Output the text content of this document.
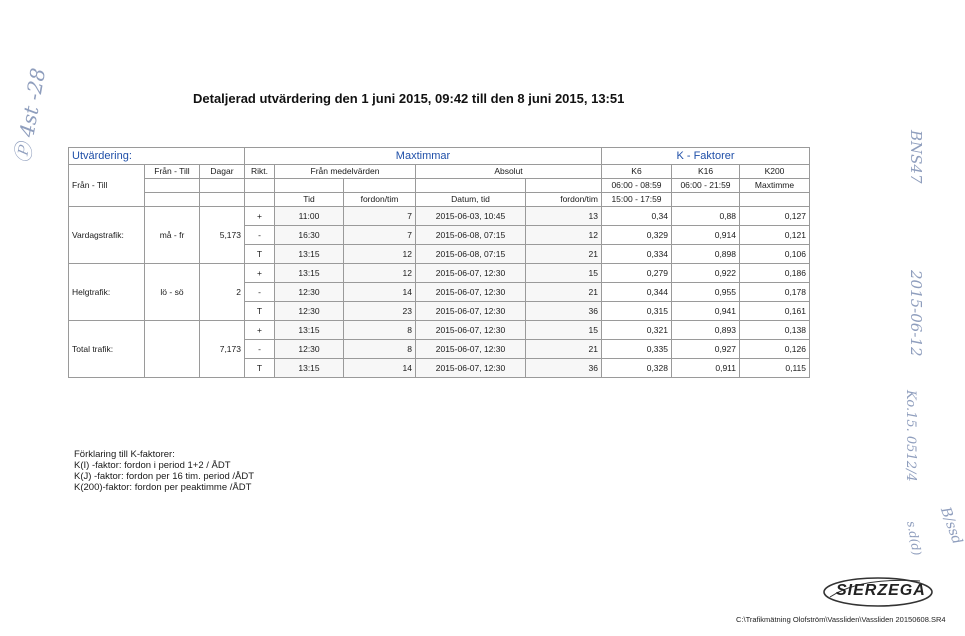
Detaljerad utvärdering den 1 juni 2015, 09:42 till den 8 juni 2015, 13:51
Utvärdering:			Maxtimmar					K - Faktorer		
Från - Till	Från - Till	Dagar	Rikt.	Från medelvärden		Absolut		K6	K16	K200
								06:00 - 08:59	06:00 - 21:59	Maxtimme
				Tid	fordon/tim	Datum, tid	fordon/tim	15:00 - 17:59		
Vardagstrafik:	må - fr	5,173	+	11:00	7	2015-06-03, 10:45	13	0,34	0,88	0,127
			-	16:30	7	2015-06-08, 07:15	12	0,329	0,914	0,121
			T	13:15	12	2015-06-08, 07:15	21	0,334	0,898	0,106
Helgtrafik:	lö - sö	2	+	13:15	12	2015-06-07, 12:30	15	0,279	0,922	0,186
			-	12:30	14	2015-06-07, 12:30	21	0,344	0,955	0,178
			T	12:30	23	2015-06-07, 12:30	36	0,315	0,941	0,161
Total trafik:		7,173	+	13:15	8	2015-06-07, 12:30	15	0,321	0,893	0,138
			-	12:30	8	2015-06-07, 12:30	21	0,335	0,927	0,126
			T	13:15	14	2015-06-07, 12:30	36	0,328	0,911	0,115
Förklaring till K-faktorer:
K(I) -faktor: fordon i period 1+2 / ÅDT
K(J) -faktor: fordon per 16 tim. period /ÅDT
K(200)-faktor: fordon per peaktimme /ÅDT
Ⓟ 4st -28	BNS47
2015-06-12
Ko.15. 0512/4
B/ssd
s.d(d)
SIERZEGA
C:\Trafikmätning Olofström\Vassliden\Vassliden 20150608.SR4
